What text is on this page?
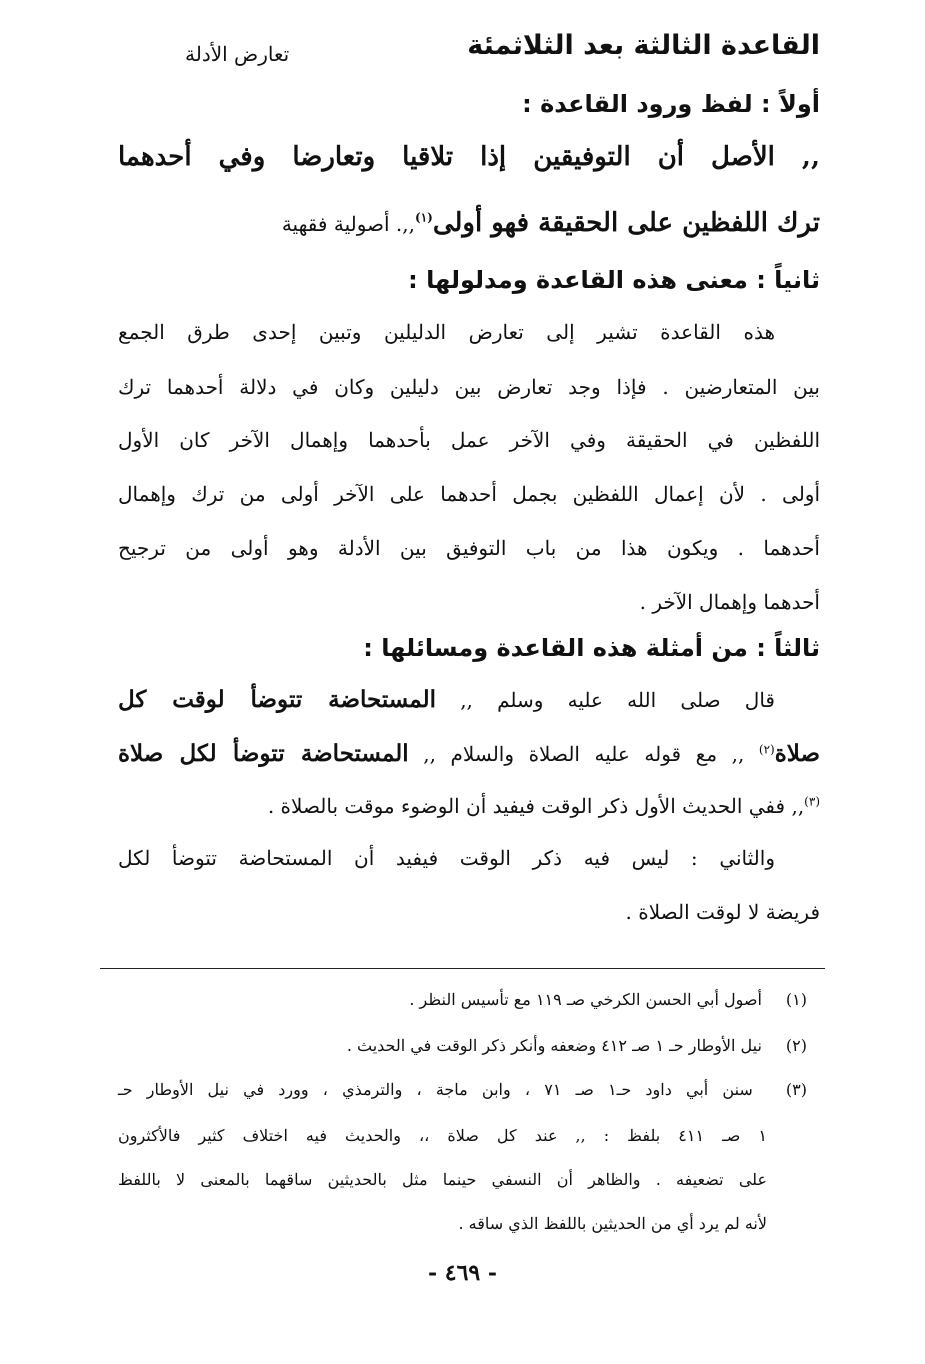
القاعدة الثالثة بعد الثلاثمئة
تعارض الأدلة
أولاً : لفظ ورود القاعدة :
,, الأصل أن التوفيقين إذا تلاقيا وتعارضا وفي أحدهما
ترك اللفظين على الحقيقة فهو أولى$^{(١)}$,,. أصولية فقهية
ثانياً : معنى هذه القاعدة ومدلولها :
هذه القاعدة تشير إلى تعارض الدليلين وتبين إحدى طرق الجمع
بين المتعارضين . فإذا وجد تعارض بين دليلين وكان في دلالة أحدهما ترك
اللفظين في الحقيقة وفي الآخر عمل بأحدهما وإهمال الآخر كان الأول
أولى . لأن إعمال اللفظين بجمل أحدهما على الآخر أولى من ترك وإهمال
أحدهما . ويكون هذا من باب التوفيق بين الأدلة وهو أولى من ترجيح
أحدهما وإهمال الآخر .
ثالثاً : من أمثلة هذه القاعدة ومسائلها :
قال صلى الله عليه وسلم ,, المستحاضة تتوضأ لوقت كل
صلاة$^{(٢)}$ ,, مع قوله عليه الصلاة والسلام ,, المستحاضة تتوضأ لكل صلاة
$^{(٣)}$,, ففي الحديث الأول ذكر الوقت فيفيد أن الوضوء موقت بالصلاة .
والثاني : ليس فيه ذكر الوقت فيفيد أن المستحاضة تتوضأ لكل
فريضة لا لوقت الصلاة .
(١) أصول أبي الحسن الكرخي صـ ١١٩ مع تأسيس النظر .
(٢) نيل الأوطار حـ ١ صـ ٤١٢ وضعفه وأنكر ذكر الوقت في الحديث .
(٣) سنن أبي داود حـ١ صـ ٧١ ، وابن ماجة ، والترمذي ، وورد في نيل الأوطار حـ
١ صـ ٤١١ بلفظ : ,, عند كل صلاة ،، والحديث فيه اختلاف كثير فالأكثرون
على تضعيفه . والظاهر أن النسفي حينما مثل بالحديثين ساقهما بالمعنى لا باللفظ
لأنه لم يرد أي من الحديثين باللفظ الذي ساقه .
- ٤٦٩ -
